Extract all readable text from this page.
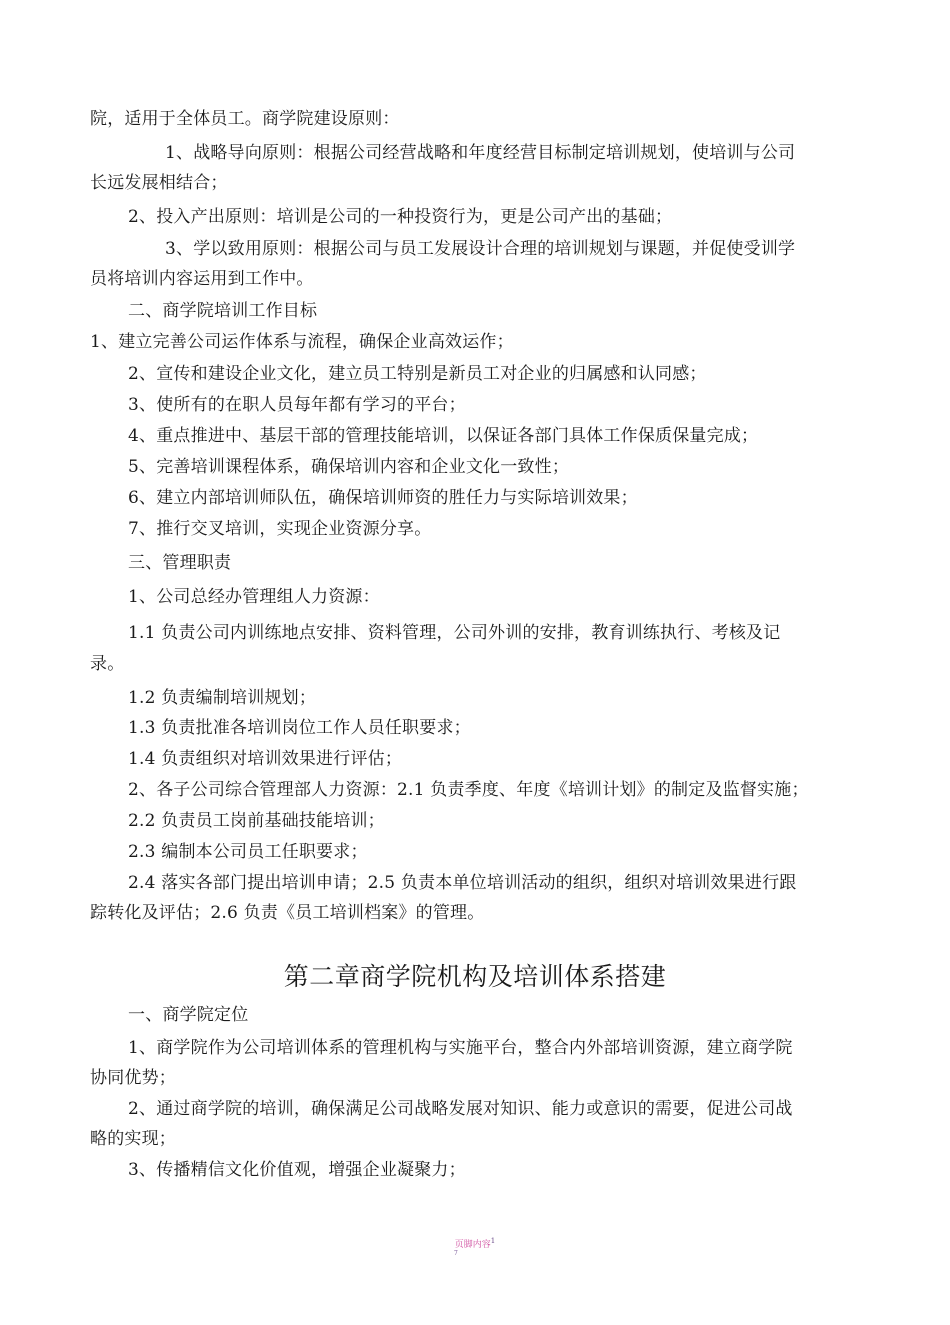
院，适用于全体员工。商学院建设原则：
1、战略导向原则：根据公司经营战略和年度经营目标制定培训规划，使培训与公司
长远发展相结合；
2、投入产出原则：培训是公司的一种投资行为，更是公司产出的基础；
3、学以致用原则：根据公司与员工发展设计合理的培训规划与课题，并促使受训学
员将培训内容运用到工作中。
二、商学院培训工作目标
1、建立完善公司运作体系与流程，确保企业高效运作；
2、宣传和建设企业文化，建立员工特别是新员工对企业的归属感和认同感；
3、使所有的在职人员每年都有学习的平台；
4、重点推进中、基层干部的管理技能培训，以保证各部门具体工作保质保量完成；
5、完善培训课程体系，确保培训内容和企业文化一致性；
6、建立内部培训师队伍，确保培训师资的胜任力与实际培训效果；
7、推行交叉培训，实现企业资源分享。
三、管理职责
1、公司总经办管理组人力资源：
1.1 负责公司内训练地点安排、资料管理，公司外训的安排，教育训练执行、考核及记
录。
1.2 负责编制培训规划；
1.3 负责批准各培训岗位工作人员任职要求；
1.4 负责组织对培训效果进行评估；
2、各子公司综合管理部人力资源：2.1 负责季度、年度《培训计划》的制定及监督实施；
2.2 负责员工岗前基础技能培训；
2.3 编制本公司员工任职要求；
2.4 落实各部门提出培训申请；2.5 负责本单位培训活动的组织，组织对培训效果进行跟
踪转化及评估；2.6 负责《员工培训档案》的管理。
第二章商学院机构及培训体系搭建
一、商学院定位
1、商学院作为公司培训体系的管理机构与实施平台，整合内外部培训资源，建立商学院
协同优势；
2、通过商学院的培训，确保满足公司战略发展对知识、能力或意识的需要，促进公司战
略的实现；
3、传播精信文化价值观，增强企业凝聚力；
页脚内容$^1$
7
